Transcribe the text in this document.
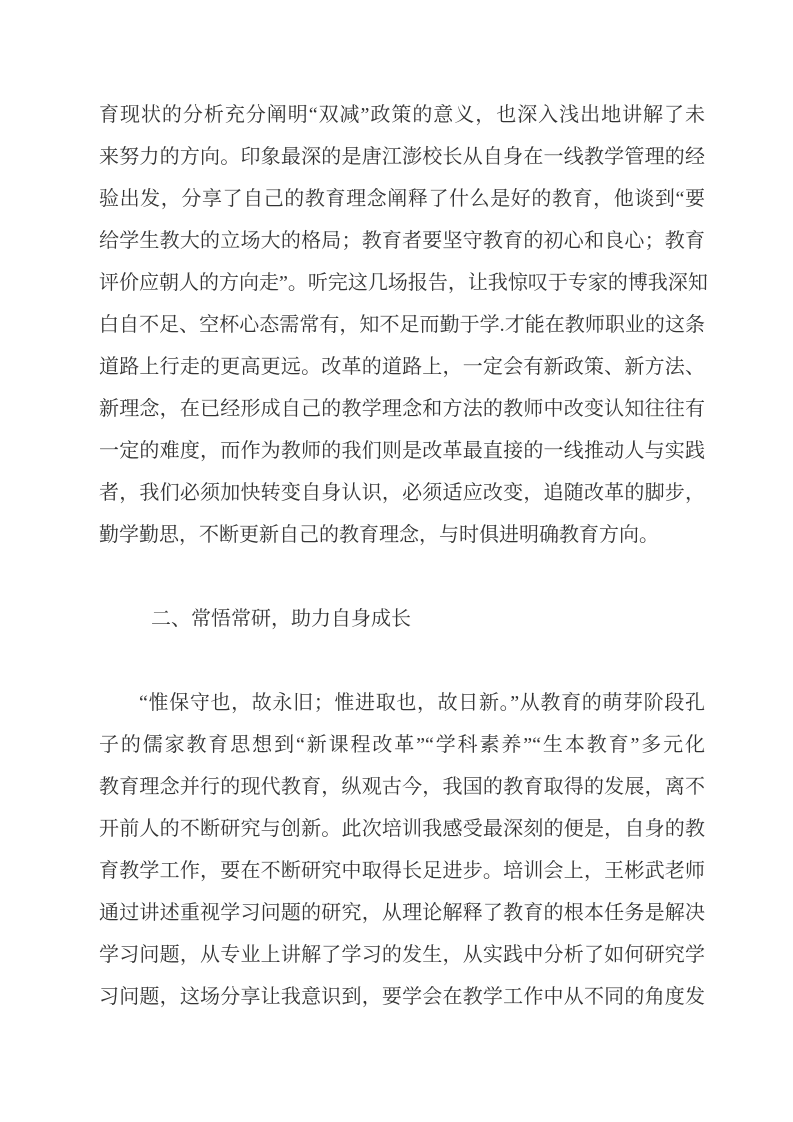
育现状的分析充分阐明“双减”政策的意义，也深入浅出地讲解了未
来努力的方向。印象最深的是唐江澎校长从自身在一线教学管理的经
验出发，分享了自己的教育理念阐释了什么是好的教育，他谈到“要
给学生教大的立场大的格局；教育者要坚守教育的初心和良心；教育
评价应朝人的方向走”。听完这几场报告，让我惊叹于专家的博我深知
白自不足、空杯心态需常有，知不足而勤于学.才能在教师职业的这条
道路上行走的更高更远。改革的道路上，一定会有新政策、新方法、
新理念，在已经形成自己的教学理念和方法的教师中改变认知往往有
一定的难度，而作为教师的我们则是改革最直接的一线推动人与实践
者，我们必须加快转变自身认识，必须适应改变，追随改革的脚步，
勤学勤思，不断更新自己的教育理念，与时俱进明确教育方向。
二、常悟常研，助力自身成长
“惟保守也，故永旧；惟进取也，故日新。”从教育的萌芽阶段孔
子的儒家教育思想到“新课程改革”“学科素养”“生本教育”多元化
教育理念并行的现代教育，纵观古今，我国的教育取得的发展，离不
开前人的不断研究与创新。此次培训我感受最深刻的便是，自身的教
育教学工作，要在不断研究中取得长足进步。培训会上，王彬武老师
通过讲述重视学习问题的研究，从理论解释了教育的根本任务是解决
学习问题，从专业上讲解了学习的发生，从实践中分析了如何研究学
习问题，这场分享让我意识到，要学会在教学工作中从不同的角度发
